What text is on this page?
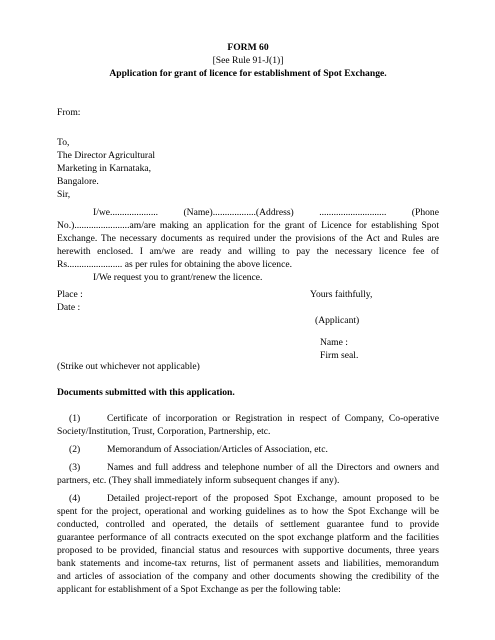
FORM 60
[See Rule 91-J(1)]
Application for grant of licence for establishment of Spot Exchange.
From:
To,
The Director Agricultural
Marketing in Karnataka,
Bangalore.
Sir,
I/we....................	(Name)..................(Address)	............................	(Phone
No.).......................am/are making an application for the grant of Licence for establishing Spot
Exchange. The necessary documents as required under the provisions of the Act and Rules are
herewith enclosed. I am/we are ready and willing to pay the necessary licence fee of
Rs....................... as per rules for obtaining the above licence.
I/We request you to grant/renew the licence.
Place :
Date :
Yours faithfully,
(Applicant)
Name :
Firm seal.
(Strike out whichever not applicable)
Documents submitted with this application.
(1)	Certificate of incorporation or Registration in respect of Company, Co-operative
Society/Institution, Trust, Corporation, Partnership, etc.
(2)	Memorandum of Association/Articles of Association, etc.
(3)	Names and full address and telephone number of all the Directors and owners and
partners, etc. (They shall immediately inform subsequent changes if any).
(4)	Detailed project-report of the proposed Spot Exchange, amount proposed to be
spent for the project, operational and working guidelines as to how the Spot Exchange will be
conducted, controlled and operated, the details of settlement guarantee fund to provide
guarantee performance of all contracts executed on the spot exchange platform and the facilities
proposed to be provided, financial status and resources with supportive documents, three years
bank statements and income-tax returns, list of permanent assets and liabilities, memorandum
and articles of association of the company and other documents showing the credibility of the
applicant for establishment of a Spot Exchange as per the following table:
